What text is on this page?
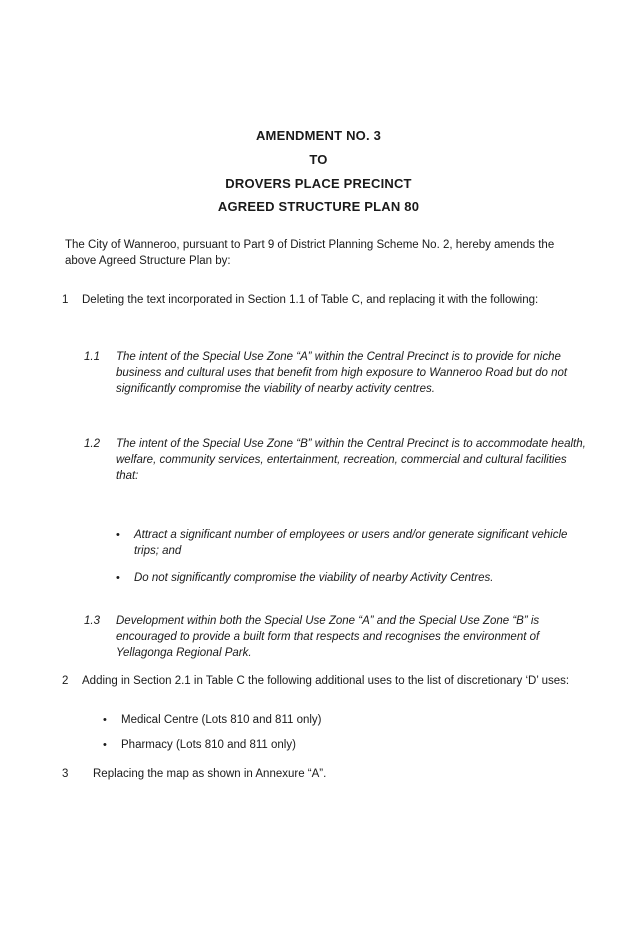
AMENDMENT NO. 3
TO
DROVERS PLACE PRECINCT
AGREED STRUCTURE PLAN 80

The City of Wanneroo, pursuant to Part 9 of District Planning Scheme No. 2, hereby amends the above Agreed Structure Plan by:

1 Deleting the text incorporated in Section 1.1 of Table C, and replacing it with the following:

1.1 The intent of the Special Use Zone “A” within the Central Precinct is to provide for niche business and cultural uses that benefit from high exposure to Wanneroo Road but do not significantly compromise the viability of nearby activity centres.

1.2 The intent of the Special Use Zone “B” within the Central Precinct is to accommodate health, welfare, community services, entertainment, recreation, commercial and cultural facilities that:

• Attract a significant number of employees or users and/or generate significant vehicle trips; and

• Do not significantly compromise the viability of nearby Activity Centres.

1.3 Development within both the Special Use Zone “A” and the Special Use Zone “B” is encouraged to provide a built form that respects and recognises the environment of Yellagonga Regional Park.

2 Adding in Section 2.1 in Table C the following additional uses to the list of discretionary ‘D’ uses:

• Medical Centre (Lots 810 and 811 only)

• Pharmacy (Lots 810 and 811 only)

3 Replacing the map as shown in Annexure “A”.
